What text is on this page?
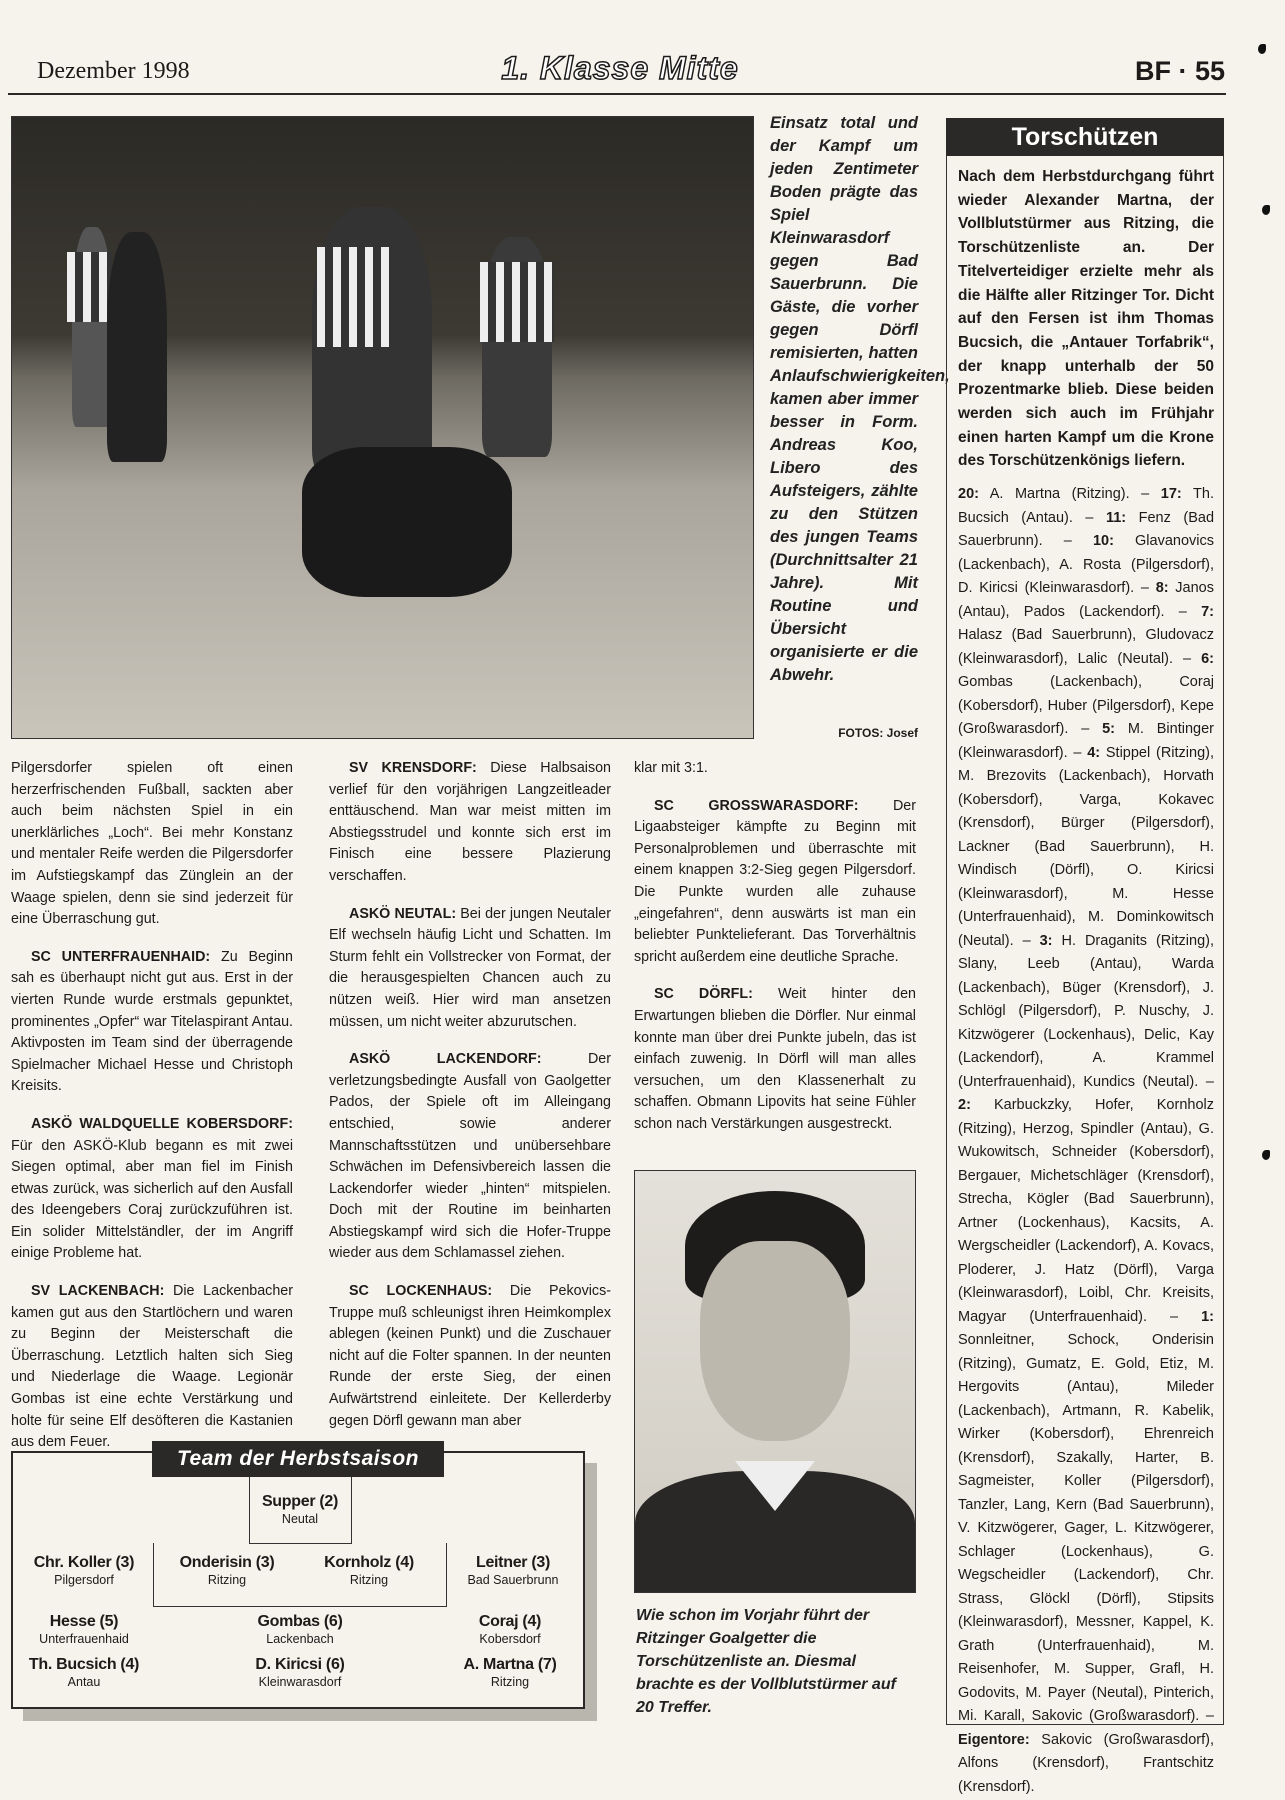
Dezember 1998	1. Klasse Mitte	BF · 55
Einsatz total und der Kampf um jeden Zentimeter Boden prägte das Spiel Kleinwarasdorf gegen Bad Sauerbrunn. Die Gäste, die vorher gegen Dörfl remisierten, hatten Anlaufschwierigkeiten, kamen aber immer besser in Form. Andreas Koo, Libero des Aufsteigers, zählte zu den Stützen des jungen Teams (Durchnittsalter 21 Jahre). Mit Routine und Übersicht organisierte er die Abwehr.
FOTOS: Josef
Torschützen
Nach dem Herbstdurchgang führt wieder Alexander Martna, der Vollblutstürmer aus Ritzing, die Torschützenliste an. Der Titelverteidiger erzielte mehr als die Hälfte aller Ritzinger Tor. Dicht auf den Fersen ist ihm Thomas Bucsich, die „Antauer Torfabrik“, der knapp unterhalb der 50 Prozentmarke blieb. Diese beiden werden sich auch im Frühjahr einen harten Kampf um die Krone des Torschützenkönigs liefern.
20: A. Martna (Ritzing). – 17: Th. Bucsich (Antau). – 11: Fenz (Bad Sauerbrunn). – 10: Glavanovics (Lackenbach), A. Rosta (Pilgersdorf), D. Kiricsi (Kleinwarasdorf). – 8: Janos (Antau), Pados (Lackendorf). – 7: Halasz (Bad Sauerbrunn), Gludovacz (Kleinwarasdorf), Lalic (Neutal). – 6: Gombas (Lackenbach), Coraj (Kobersdorf), Huber (Pilgersdorf), Kepe (Großwarasdorf). – 5: M. Bintinger (Kleinwarasdorf). – 4: Stippel (Ritzing), M. Brezovits (Lackenbach), Horvath (Kobersdorf), Varga, Kokavec (Krensdorf), Bürger (Pilgersdorf), Lackner (Bad Sauerbrunn), H. Windisch (Dörfl), O. Kiricsi (Kleinwarasdorf), M. Hesse (Unterfrauenhaid), M. Dominkowitsch (Neutal). – 3: H. Draganits (Ritzing), Slany, Leeb (Antau), Warda (Lackenbach), Büger (Krensdorf), J. Schlögl (Pilgersdorf), P. Nuschy, J. Kitzwögerer (Lockenhaus), Delic, Kay (Lackendorf), A. Krammel (Unterfrauenhaid), Kundics (Neutal). – 2: Karbuckzky, Hofer, Kornholz (Ritzing), Herzog, Spindler (Antau), G. Wukowitsch, Schneider (Kobersdorf), Bergauer, Michetschläger (Krensdorf), Strecha, Kögler (Bad Sauerbrunn), Artner (Lockenhaus), Kacsits, A. Wergscheidler (Lackendorf), A. Kovacs, Ploderer, J. Hatz (Dörfl), Varga (Kleinwarasdorf), Loibl, Chr. Kreisits, Magyar (Unterfrauenhaid). – 1: Sonnleitner, Schock, Onderisin (Ritzing), Gumatz, E. Gold, Etiz, M. Hergovits (Antau), Mileder (Lackenbach), Artmann, R. Kabelik, Wirker (Kobersdorf), Ehrenreich (Krensdorf), Szakally, Harter, B. Sagmeister, Koller (Pilgersdorf), Tanzler, Lang, Kern (Bad Sauerbrunn), V. Kitzwögerer, Gager, L. Kitzwögerer, Schlager (Lockenhaus), G. Wegscheidler (Lackendorf), Chr. Strass, Glöckl (Dörfl), Stipsits (Kleinwarasdorf), Messner, Kappel, K. Grath (Unterfrauenhaid), M. Reisenhofer, M. Supper, Grafl, H. Godovits, M. Payer (Neutal), Pinterich, Mi. Karall, Sakovic (Großwarasdorf). – Eigentore: Sakovic (Großwarasdorf), Alfons (Krensdorf), Frantschitz (Krensdorf).

Pilgersdorfer spielen oft einen herzerfrischenden Fußball, sackten aber auch beim nächsten Spiel in ein unerklärliches „Loch“. Bei mehr Konstanz und mentaler Reife werden die Pilgersdorfer im Aufstiegskampf das Zünglein an der Waage spielen, denn sie sind jederzeit für eine Überraschung gut.

SC UNTERFRAUENHAID: Zu Beginn sah es überhaupt nicht gut aus. Erst in der vierten Runde wurde erstmals gepunktet, prominentes „Opfer“ war Titelaspirant Antau. Aktivposten im Team sind der überragende Spielmacher Michael Hesse und Christoph Kreisits.

ASKÖ WALDQUELLE KOBERSDORF: Für den ASKÖ-Klub begann es mit zwei Siegen optimal, aber man fiel im Finish etwas zurück, was sicherlich auf den Ausfall des Ideengebers Coraj zurückzuführen ist. Ein solider Mittelständler, der im Angriff einige Probleme hat.

SV LACKENBACH: Die Lackenbacher kamen gut aus den Startlöchern und waren zu Beginn der Meisterschaft die Überraschung. Letztlich halten sich Sieg und Niederlage die Waage. Legionär Gombas ist eine echte Verstärkung und holte für seine Elf desöfteren die Kastanien aus dem Feuer.

SV KRENSDORF: Diese Halbsaison verlief für den vorjährigen Langzeitleader enttäuschend. Man war meist mitten im Abstiegsstrudel und konnte sich erst im Finisch eine bessere Plazierung verschaffen.

ASKÖ NEUTAL: Bei der jungen Neutaler Elf wechseln häufig Licht und Schatten. Im Sturm fehlt ein Vollstrecker von Format, der die herausgespielten Chancen auch zu nützen weiß. Hier wird man ansetzen müssen, um nicht weiter abzurutschen.

ASKÖ LACKENDORF: Der verletzungsbedingte Ausfall von Gaolgetter Pados, der Spiele oft im Alleingang entschied, sowie anderer Mannschaftsstützen und unübersehbare Schwächen im Defensivbereich lassen die Lackendorfer wieder „hinten“ mitspielen. Doch mit der Routine im beinharten Abstiegskampf wird sich die Hofer-Truppe wieder aus dem Schlamassel ziehen.

SC LOCKENHAUS: Die Pekovics-Truppe muß schleunigst ihren Heimkomplex ablegen (keinen Punkt) und die Zuschauer nicht auf die Folter spannen. In der neunten Runde der erste Sieg, der einen Aufwärtstrend einleitete. Der Kellerderby gegen Dörfl gewann man aber

klar mit 3:1.

SC GROSSWARASDORF: Der Ligaabsteiger kämpfte zu Beginn mit Personalproblemen und überraschte mit einem knappen 3:2-Sieg gegen Pilgersdorf. Die Punkte wurden alle zuhause „eingefahren“, denn auswärts ist man ein beliebter Punktelieferant. Das Torverhältnis spricht außerdem eine deutliche Sprache.

SC DÖRFL: Weit hinter den Erwartungen blieben die Dörfler. Nur einmal konnte man über drei Punkte jubeln, das ist einfach zuwenig. In Dörfl will man alles versuchen, um den Klassenerhalt zu schaffen. Obmann Lipovits hat seine Fühler schon nach Verstärkungen ausgestreckt.

Wie schon im Vorjahr führt der Ritzinger Goalgetter die Torschützenliste an. Diesmal brachte es der Vollblutstürmer auf 20 Treffer.
Team der Herbstsaison
Supper (2)
Neutal
Chr. Koller (3)
Pilgersdorf
Onderisin (3)
Ritzing
Kornholz (4)
Ritzing
Leitner (3)
Bad Sauerbrunn
Hesse (5)
Unterfrauenhaid
Gombas (6)
Lackenbach
Coraj (4)
Kobersdorf
Th. Bucsich (4)
Antau
D. Kiricsi (6)
Kleinwarasdorf
A. Martna (7)
Ritzing
